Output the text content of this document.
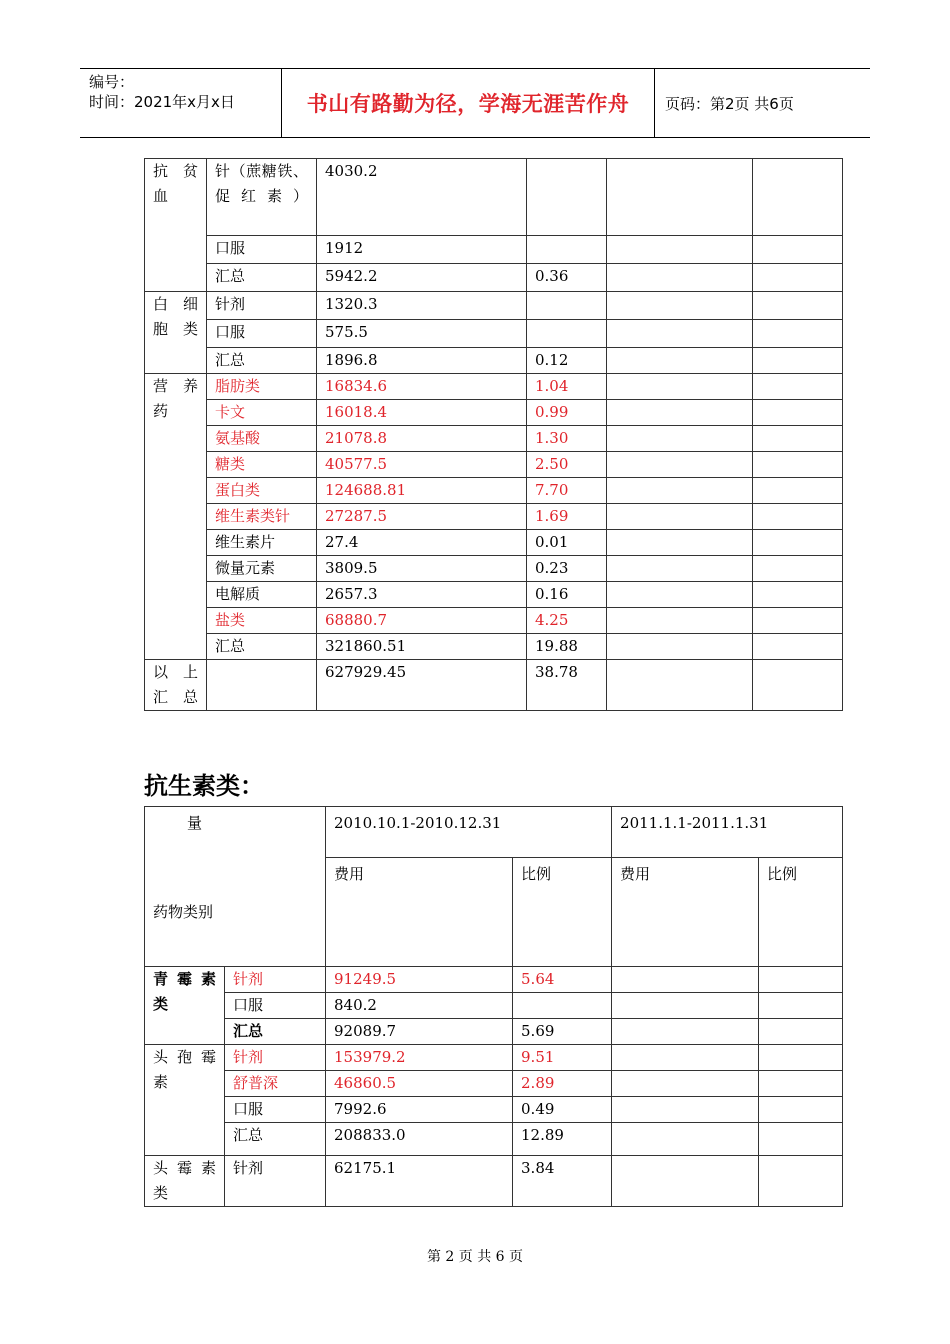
编号：
时间：2021年x月x日	书山有路勤为径，学海无涯苦作舟	页码：第2页 共6页
抗 贫 血	针（蔗糖铁、促红素）	4030.2			
	口服	1912			
	汇总	5942.2	0.36		
白 细 胞类	针剂	1320.3			
	口服	575.5			
	汇总	1896.8	0.12		
营 养 药	脂肪类	16834.6	1.04		
	卡文	16018.4	0.99		
	氨基酸	21078.8	1.30		
	糖类	40577.5	2.50		
	蛋白类	124688.81	7.70		
	维生素类针	27287.5	1.69		
	维生素片	27.4	0.01		
	微量元素	3809.5	0.23		
	电解质	2657.3	0.16		
	盐类	68880.7	4.25		
	汇总	321860.51	19.88		
以 上 汇总		627929.45	38.78		
抗生素类：
量
药物类别		2010.10.1-2010.12.31		2011.1.1-2011.1.31	
		费用	比例	费用	比例
青 霉 素类	针剂	91249.5	5.64		
	口服	840.2			
	汇总	92089.7	5.69		
头 孢 霉素	针剂	153979.2	9.51		
	舒普深	46860.5	2.89		
	口服	7992.6	0.49		
	汇总	208833.0	12.89		
头 霉 素类	针剂	62175.1	3.84		
第 2 页 共 6 页
